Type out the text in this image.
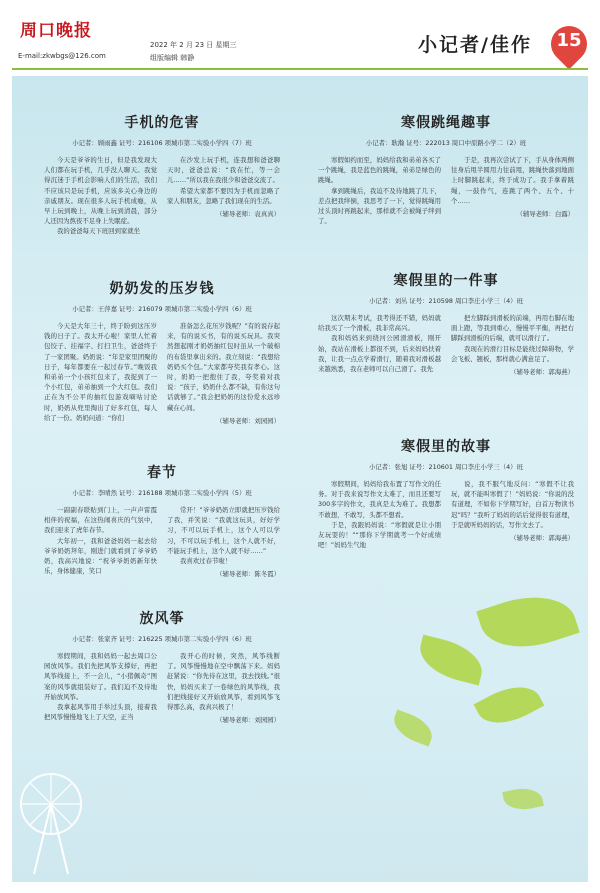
周口晚报
E-mail:zkwbgs@126.com
2022 年 2 月 23 日 星期三
组版编辑 韩静
小记者/佳作	15
手机的危害
小记者：顾雨鑫 证号：216106 项城市第二实验小学四（7）班

今天是爷爷的生日，但是我发现大人们都在玩手机，几乎没人聊天。我觉得沉迷于手机会影响人们的生活，我们不应该只是玩手机，应该多关心身边的亲戚朋友。现在很多人玩手机成瘾，从早上玩到晚上，从晚上玩到清晨，部分人还因为熬夜不足身上失眠症。

我的爸爸每天下班回到家就坐

在沙发上玩手机，连我想和爸爸聊天时，爸爸总说：“我在忙，等一会儿……”所以我在我很少和爸爸交流了。

希望大家都不要因为手机而忽略了家人和朋友，忽略了我们现在的生活。

（辅导老师：袁真真）

寒假跳绳趣事
小记者：耿瀚 证号：222013 周口中原路小学二（2）班

寒假如约而至，妈妈给我和弟弟各买了一个跳绳，我是蓝色的跳绳，弟弟是绿色的跳绳。

拿到跳绳后，我迫不及待地跳了几下，差点把我绊倒，我思考了一下，觉得跳绳用过头顶时再跳起来，那样就不会被绳子绊到了。

于是，我再次尝试了下，手从身体两侧往身后甩半圆用力往前甩，跳绳快落到地面上时脚跳起来，终于成功了。我手拿着跳绳，一鼓作气，连跳了两个、五个、十个……

（辅导老师：白露）

奶奶发的压岁钱
小记者：王萍嘉 证号：216079 项城市第二实验小学四（6）班

今天是大年三十，终于盼到这压岁钱的日子了。我太开心啦！家里人忙着包饺子、挂福字、打扫卫生，爸爸终于了一家团聚。奶奶说：“年是家里团聚的日子，每年都要在一起过春节。”晚饭我和弟弟一个小孩红包来了，我捉到了一个小红包，弟弟抽到一个大红包。我们正在为不公平的抽红包游戏嘀咕讨论时，奶奶从兜里掏出了好多红包，每人给了一份。奶奶问道：“你们

准备怎么花压岁钱呢？”有的说存起来，有的说买书，有的说买玩具。我突然想起刚才奶奶抽红包时虽从一个破棉的布袋里拿出来的。我立刻说：“我想给奶奶买个包。”大家都夸奖我有孝心。这时，奶奶一把抱住了我，夸奖着对我说：“孩子，奶奶什么都不缺，有你这句话就够了。”我会把奶奶的这份爱永远珍藏在心间。

（辅导老师：刘园园）

寒假里的一件事
小记者：刘丛 证号：210598 周口李庄小学三（4）班

这次期末考试，我考得还不错，妈妈就给我买了一个滑板，我非常高兴。

我和妈妈来到绕河公园滑滑板，刚开始，我站在滑板上都很不到，后来妈妈扶着我，让我一点点学着滑行，随着我对滑板越来越熟悉，我在老师可以自己滑了。我先

把左脚踩到滑板的前端，再用右脚在地面上蹬，等我到重心，慢慢平平衡，再把右脚踩到滑板的后端，就可以滑行了。

我现在的滑行目标是能绕过障碍物，学会飞板、翘板，那样就心满意足了。

（辅导老师：郭海燕）

春节
小记者：李晴然 证号：216188 项城市第二实验小学四（5）班

一副副春联贴到门上，一声声雷霞相伴的祝福，在这热闹喜庆的气氛中，我们迎来了虎年春节。

大年初一，我和爸爸妈妈一起去给爷爷奶奶拜年，刚进门就看到了爷爷奶奶，我高兴地说：“祝爷爷奶奶新年快乐，身体健康，笑口

常开！”爷爷奶奶立即就把压岁钱给了我，并笑说：“我就这玩具，好好学习，不可以玩手机上，这个人可以学习，不可以玩手机上，这个人就不好，不能玩手机上，这个人就不好……”

我喜欢过春节啦！

（辅导老师：陈冬霞）

寒假里的故事
小记者：张旭 证号：210601 周口李庄小学三（4）班

寒假期间，妈妈给我布置了写作文的任务。对于我来说写作文太难了，而且还要写300多字的作文，我真是太为难了。我想都不敢想，不敢写，头都不想看。

于是，我跟妈妈说：“寒假就是让小朋友玩耍的！”“那你下学期就考一个好成绩吧！”妈妈生气地

说，我不服气地反问：“寒假不让我玩，就不能叫寒假了！”妈妈说：“你说的没有道理，不如你下学期写好，白首万物读书迟”吗？”我听了妈妈的话后觉得很有道理，于是就听妈妈的话，写作文去了。

（辅导老师：郭海燕）

放风筝
小记者：张家齐 证号：216225 项城市第二实验小学四（6）班

寒假期间，我和妈妈一起去周口公园放风筝。我们先把风筝支撑好，再把风筝线接上，不一会儿，“小猪佩奇”图案的风筝就组装好了。我们迫不及待地开始放风筝。

我拿起风筝用手举过头顶，接着我把风筝慢慢地飞上了天空，正当

我开心的时候，突然，风筝线断了。风筝慢慢地在空中飘荡下来。妈妈赶紧说：“你先待在这里，我去找线。”很快，妈妈买来了一卷绿色的风筝线，我们把线接好又开始放风筝，看到风筝飞得那么高，我真兴极了！

（辅导老师：刘园园）
